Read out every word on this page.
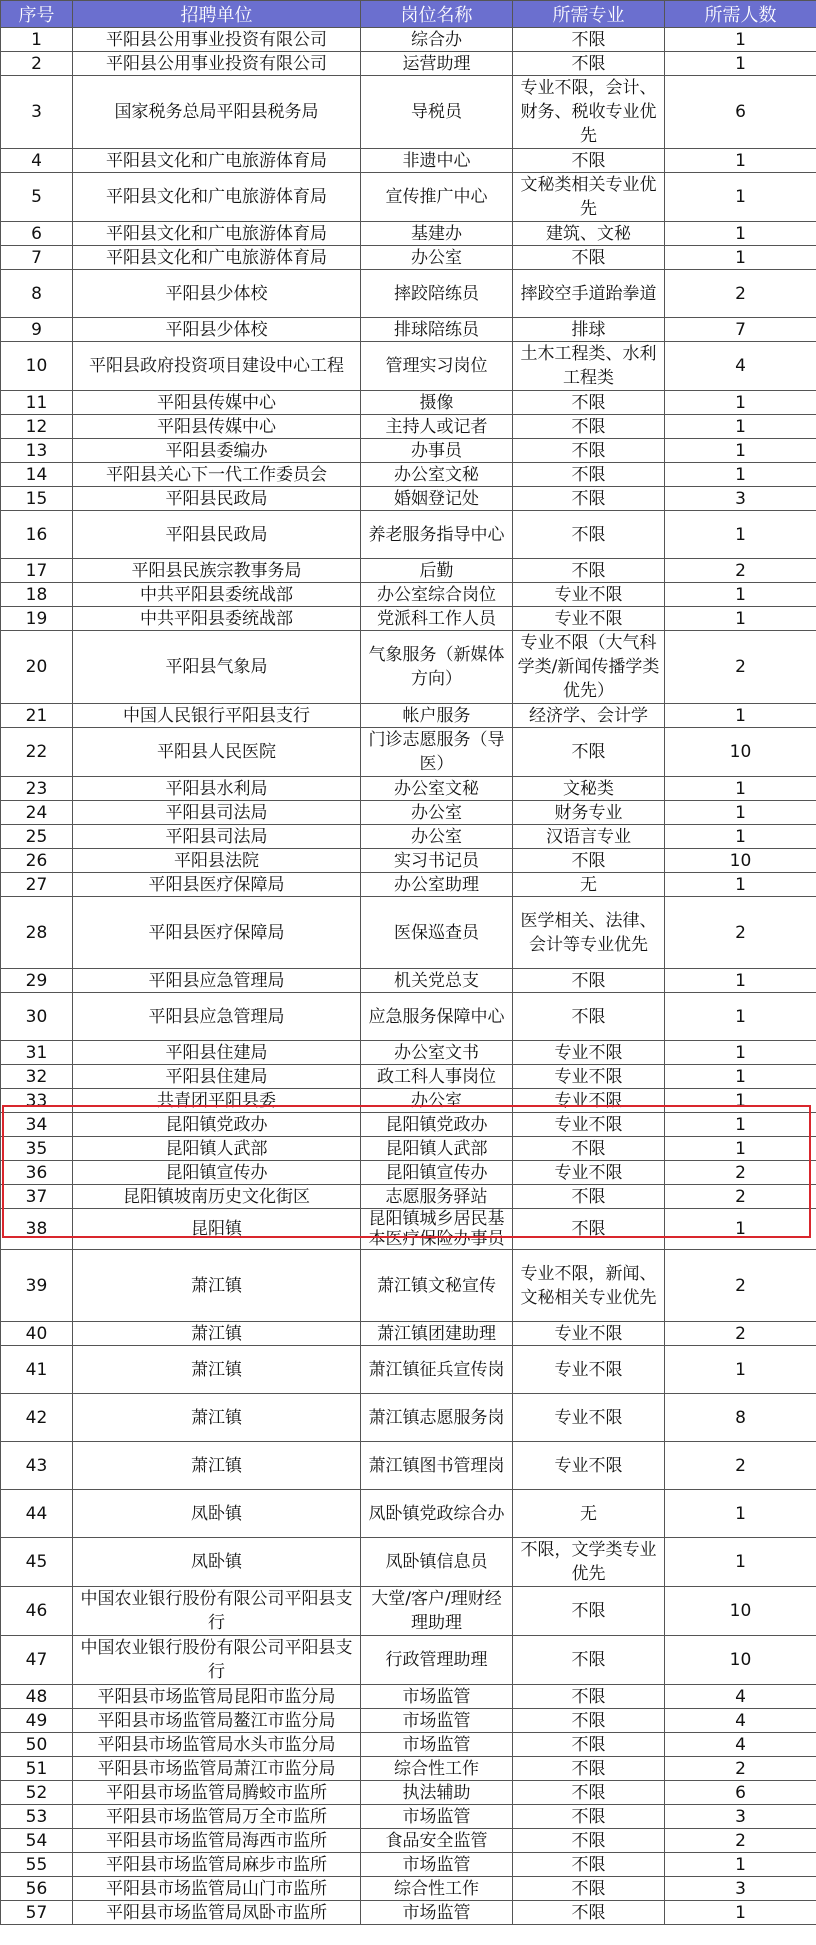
序号	招聘单位	岗位名称	所需专业	所需人数
1	平阳县公用事业投资有限公司	综合办	不限	1
2	平阳县公用事业投资有限公司	运营助理	不限	1
3	国家税务总局平阳县税务局	导税员	专业不限，会计、财务、税收专业优先	6
4	平阳县文化和广电旅游体育局	非遗中心	不限	1
5	平阳县文化和广电旅游体育局	宣传推广中心	文秘类相关专业优先	1
6	平阳县文化和广电旅游体育局	基建办	建筑、文秘	1
7	平阳县文化和广电旅游体育局	办公室	不限	1
8	平阳县少体校	摔跤陪练员	摔跤空手道跆拳道	2
9	平阳县少体校	排球陪练员	排球	7
10	平阳县政府投资项目建设中心工程	管理实习岗位	土木工程类、水利工程类	4
11	平阳县传媒中心	摄像	不限	1
12	平阳县传媒中心	主持人或记者	不限	1
13	平阳县委编办	办事员	不限	1
14	平阳县关心下一代工作委员会	办公室文秘	不限	1
15	平阳县民政局	婚姻登记处	不限	3
16	平阳县民政局	养老服务指导中心	不限	1
17	平阳县民族宗教事务局	后勤	不限	2
18	中共平阳县委统战部	办公室综合岗位	专业不限	1
19	中共平阳县委统战部	党派科工作人员	专业不限	1
20	平阳县气象局	气象服务（新媒体方向）	专业不限（大气科学类/新闻传播学类优先）	2
21	中国人民银行平阳县支行	帐户服务	经济学、会计学	1
22	平阳县人民医院	门诊志愿服务（导医）	不限	10
23	平阳县水利局	办公室文秘	文秘类	1
24	平阳县司法局	办公室	财务专业	1
25	平阳县司法局	办公室	汉语言专业	1
26	平阳县法院	实习书记员	不限	10
27	平阳县医疗保障局	办公室助理	无	1
28	平阳县医疗保障局	医保巡查员	医学相关、法律、会计等专业优先	2
29	平阳县应急管理局	机关党总支	不限	1
30	平阳县应急管理局	应急服务保障中心	不限	1
31	平阳县住建局	办公室文书	专业不限	1
32	平阳县住建局	政工科人事岗位	专业不限	1
33	共青团平阳县委	办公室	专业不限	1
34	昆阳镇党政办	昆阳镇党政办	专业不限	1
35	昆阳镇人武部	昆阳镇人武部	不限	1
36	昆阳镇宣传办	昆阳镇宣传办	专业不限	2
37	昆阳镇坡南历史文化街区	志愿服务驿站	不限	2
38	昆阳镇	昆阳镇城乡居民基本医疗保险办事员	不限	1
39	萧江镇	萧江镇文秘宣传	专业不限，新闻、文秘相关专业优先	2
40	萧江镇	萧江镇团建助理	专业不限	2
41	萧江镇	萧江镇征兵宣传岗	专业不限	1
42	萧江镇	萧江镇志愿服务岗	专业不限	8
43	萧江镇	萧江镇图书管理岗	专业不限	2
44	凤卧镇	凤卧镇党政综合办	无	1
45	凤卧镇	凤卧镇信息员	不限，文学类专业优先	1
46	中国农业银行股份有限公司平阳县支行	大堂/客户/理财经理助理	不限	10
47	中国农业银行股份有限公司平阳县支行	行政管理助理	不限	10
48	平阳县市场监管局昆阳市监分局	市场监管	不限	4
49	平阳县市场监管局鳌江市监分局	市场监管	不限	4
50	平阳县市场监管局水头市监分局	市场监管	不限	4
51	平阳县市场监管局萧江市监分局	综合性工作	不限	2
52	平阳县市场监管局腾蛟市监所	执法辅助	不限	6
53	平阳县市场监管局万全市监所	市场监管	不限	3
54	平阳县市场监管局海西市监所	食品安全监管	不限	2
55	平阳县市场监管局麻步市监所	市场监管	不限	1
56	平阳县市场监管局山门市监所	综合性工作	不限	3
57	平阳县市场监管局凤卧市监所	市场监管	不限	1
